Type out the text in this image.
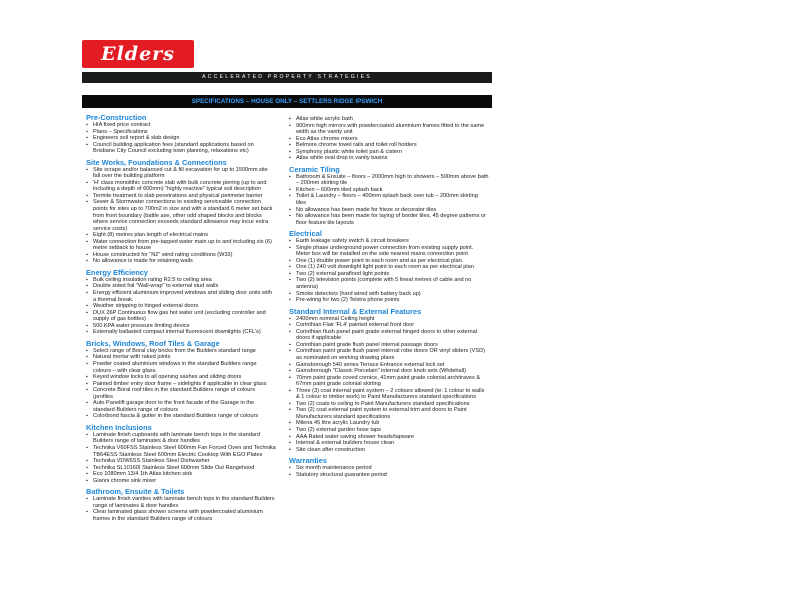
Elders
ACCELERATED PROPERTY STRATEGIES
SPECIFICATIONS – HOUSE ONLY – SETTLERS RIDGE IPSWICH
Pre-Construction
▪ HIA fixed price contract
▪ Plans – Specifications
▪ Engineers soil report & slab design
▪ Council building application fees (standard applications based on Brisbane City Council excluding town planning, relaxations etc)
Site Works, Foundations & Connections
▪ Site scrape and/or balanced cut & fill excavation for up to 1500mm site fall over the building platform
▪ 'H' class monolithic concrete slab with bulk concrete piering (up to and including a depth of 600mm) "highly reactive" typical soil description
▪ Termite treatment to slab penetrations and physical perimeter barrier
▪ Sewer & Stormwater connections to existing serviceable connection points for sites up to 700m2 in size and with a standard 6 meter set back from front boundary (battle axe, other odd shaped blocks and blocks where service connection exceeds standard allowance may incur extra service costs)
▪ Eight (8) metres plan length of electrical mains
▪ Water connection from pre-tapped water main up to and including six (6) metre setback to house
▪ House constructed for "N2" wind rating conditions (W33)
▪ No allowance is made for retaining walls
Energy Efficiency
▪ Bulk ceiling insulation rating R2.5 to ceiling area
▪ Double sided foil "Wall-wrap" to external stud walls
▪ Energy efficient aluminium improved windows and sliding door units with a thermal break.
▪ Weather stripping to hinged external doors
▪ DUX 26P Continuous flow gas hot water unit (excluding controller and supply of gas bottles)
▪ 500 KPA water pressure limiting device
▪ Externally ballasted compact internal fluorescent downlights (CFL's)
Bricks, Windows, Roof Tiles & Garage
▪ Select range of Boral clay bricks from the Builders standard range
▪ Natural mortar with raked joints
▪ Powder coated aluminium windows in the standard Builders range colours – with clear glass
▪ Keyed window locks to all opening sashes and sliding doors
▪ Painted timber entry door frame – sidelights if applicable in clear glass
▪ Concrete Boral roof tiles in the standard Builders range of colours (profiles
▪ Auto Panelift garage door to the front facade of the Garage in the standard Builders range of colours
▪ Colorbond fascia & gutter in the standard Builders range of colours
Kitchen Inclusions
▪ Laminate finish cupboards with laminate bench tops in the standard Builders range of laminates & door handles
▪ Technika V60FSS Stainless Steel 600mm Fan Forced Oven and Technika TB64ESS Stainless Steel 600mm Electric Cooktop With EGO Plates
▪ Technika VDW6SS Stainless Steel Dishwasher
▪ Technika SL10160I Stainless Steel 600mm Slide Out Rangehood
▪ Eco 1080mm 13/4 1th Atlas kitchen sink
▪ Gianni chrome sink mixer
Bathroom, Ensuite & Toilets
▪ Laminate finish vanities with laminate bench tops in the standard Builders range of laminates & door handles
▪ Clear laminated glass shower screens with powdercoated aluminium frames in the standard Builders range of colours
▪ Atlas white acrylic bath
▪ 900mm high mirrors with powdercoated aluminium frames fitted to the same width as the vanity unit
▪ Eco Atlas chrome mixers
▪ Belmore chrome towel rails and toilet roll holders
▪ Symphony plastic white toilet pan & cistern
▪ Atlas white oval drop in vanity basins
Ceramic Tiling
▪ Bathroom & Ensuite – floors – 2000mm high to showers – 500mm above bath – 200mm skirting tile
▪ Kitchen – 600mm tiled splash back
▪ Toilet & Laundry – floors – 400mm splash back over tub – 200mm skirting tiles
▪ No allowance has been made for frieze or decorator tiles
▪ No allowance has been made for laying of border tiles, 45 degree patterns or floor feature tile layouts
Electrical
▪ Earth leakage safety switch & circuit breakers
▪ Single phase underground power connection from existing supply point. Meter box will be installed on the side nearest mains connection point
▪ One (1) double power point to each room and as per electrical plan.
▪ One (1) 240 volt downlight light point to each room as per electrical plan
▪ Two (2) external paraflood light points
▪ Two (2) television points (complete with 5 lineal metres of cable and no antenna)
▪ Smoke detectors (hard wired with battery back up)
▪ Pre-wiring for two (2) Telstra phone points
Standard Internal & External Features
▪ 2400mm nominal Ceiling height
▪ Corinthian Flair 'FL4' painted external front door
▪ Corinthian flush panel paint grade external hinged doors to other external doors if applicable
▪ Corinthian paint grade flush panel internal passage doors
▪ Corinthian paint grade flush panel internal robe doors OR vinyl sliders (VSD) as nominated on working drawing plans
▪ Gainsborough 540 series Terrace Entrance external lock set
▪ Gainsborough "Classic Porcelain" internal door knob sets (Whitehall)
▪ 70mm paint grade coved cornice, 41mm paint grade colonial architraves & 67mm paint grade colonial skirting
▪ Three (3) coat internal paint system – 2 colours allowed (ie: 1 colour to walls & 1 colour to timber work) to Paint Manufacturers standard specifications
▪ Two (2) coats to ceiling to Paint Manufacturers standard specifications
▪ Two (2) coat external paint system to external trim and doors to Paint Manufacturers standard specifications
▪ Milena 45 litre acrylic Laundry tub
▪ Two (2) external garden hose taps
▪ AAA Rated water saving shower heads/tapware
▪ Internal & external builders house clean
▪ Site clean after construction
Warranties
▪ Six month maintenance period
▪ Statutory structural guarantee period
